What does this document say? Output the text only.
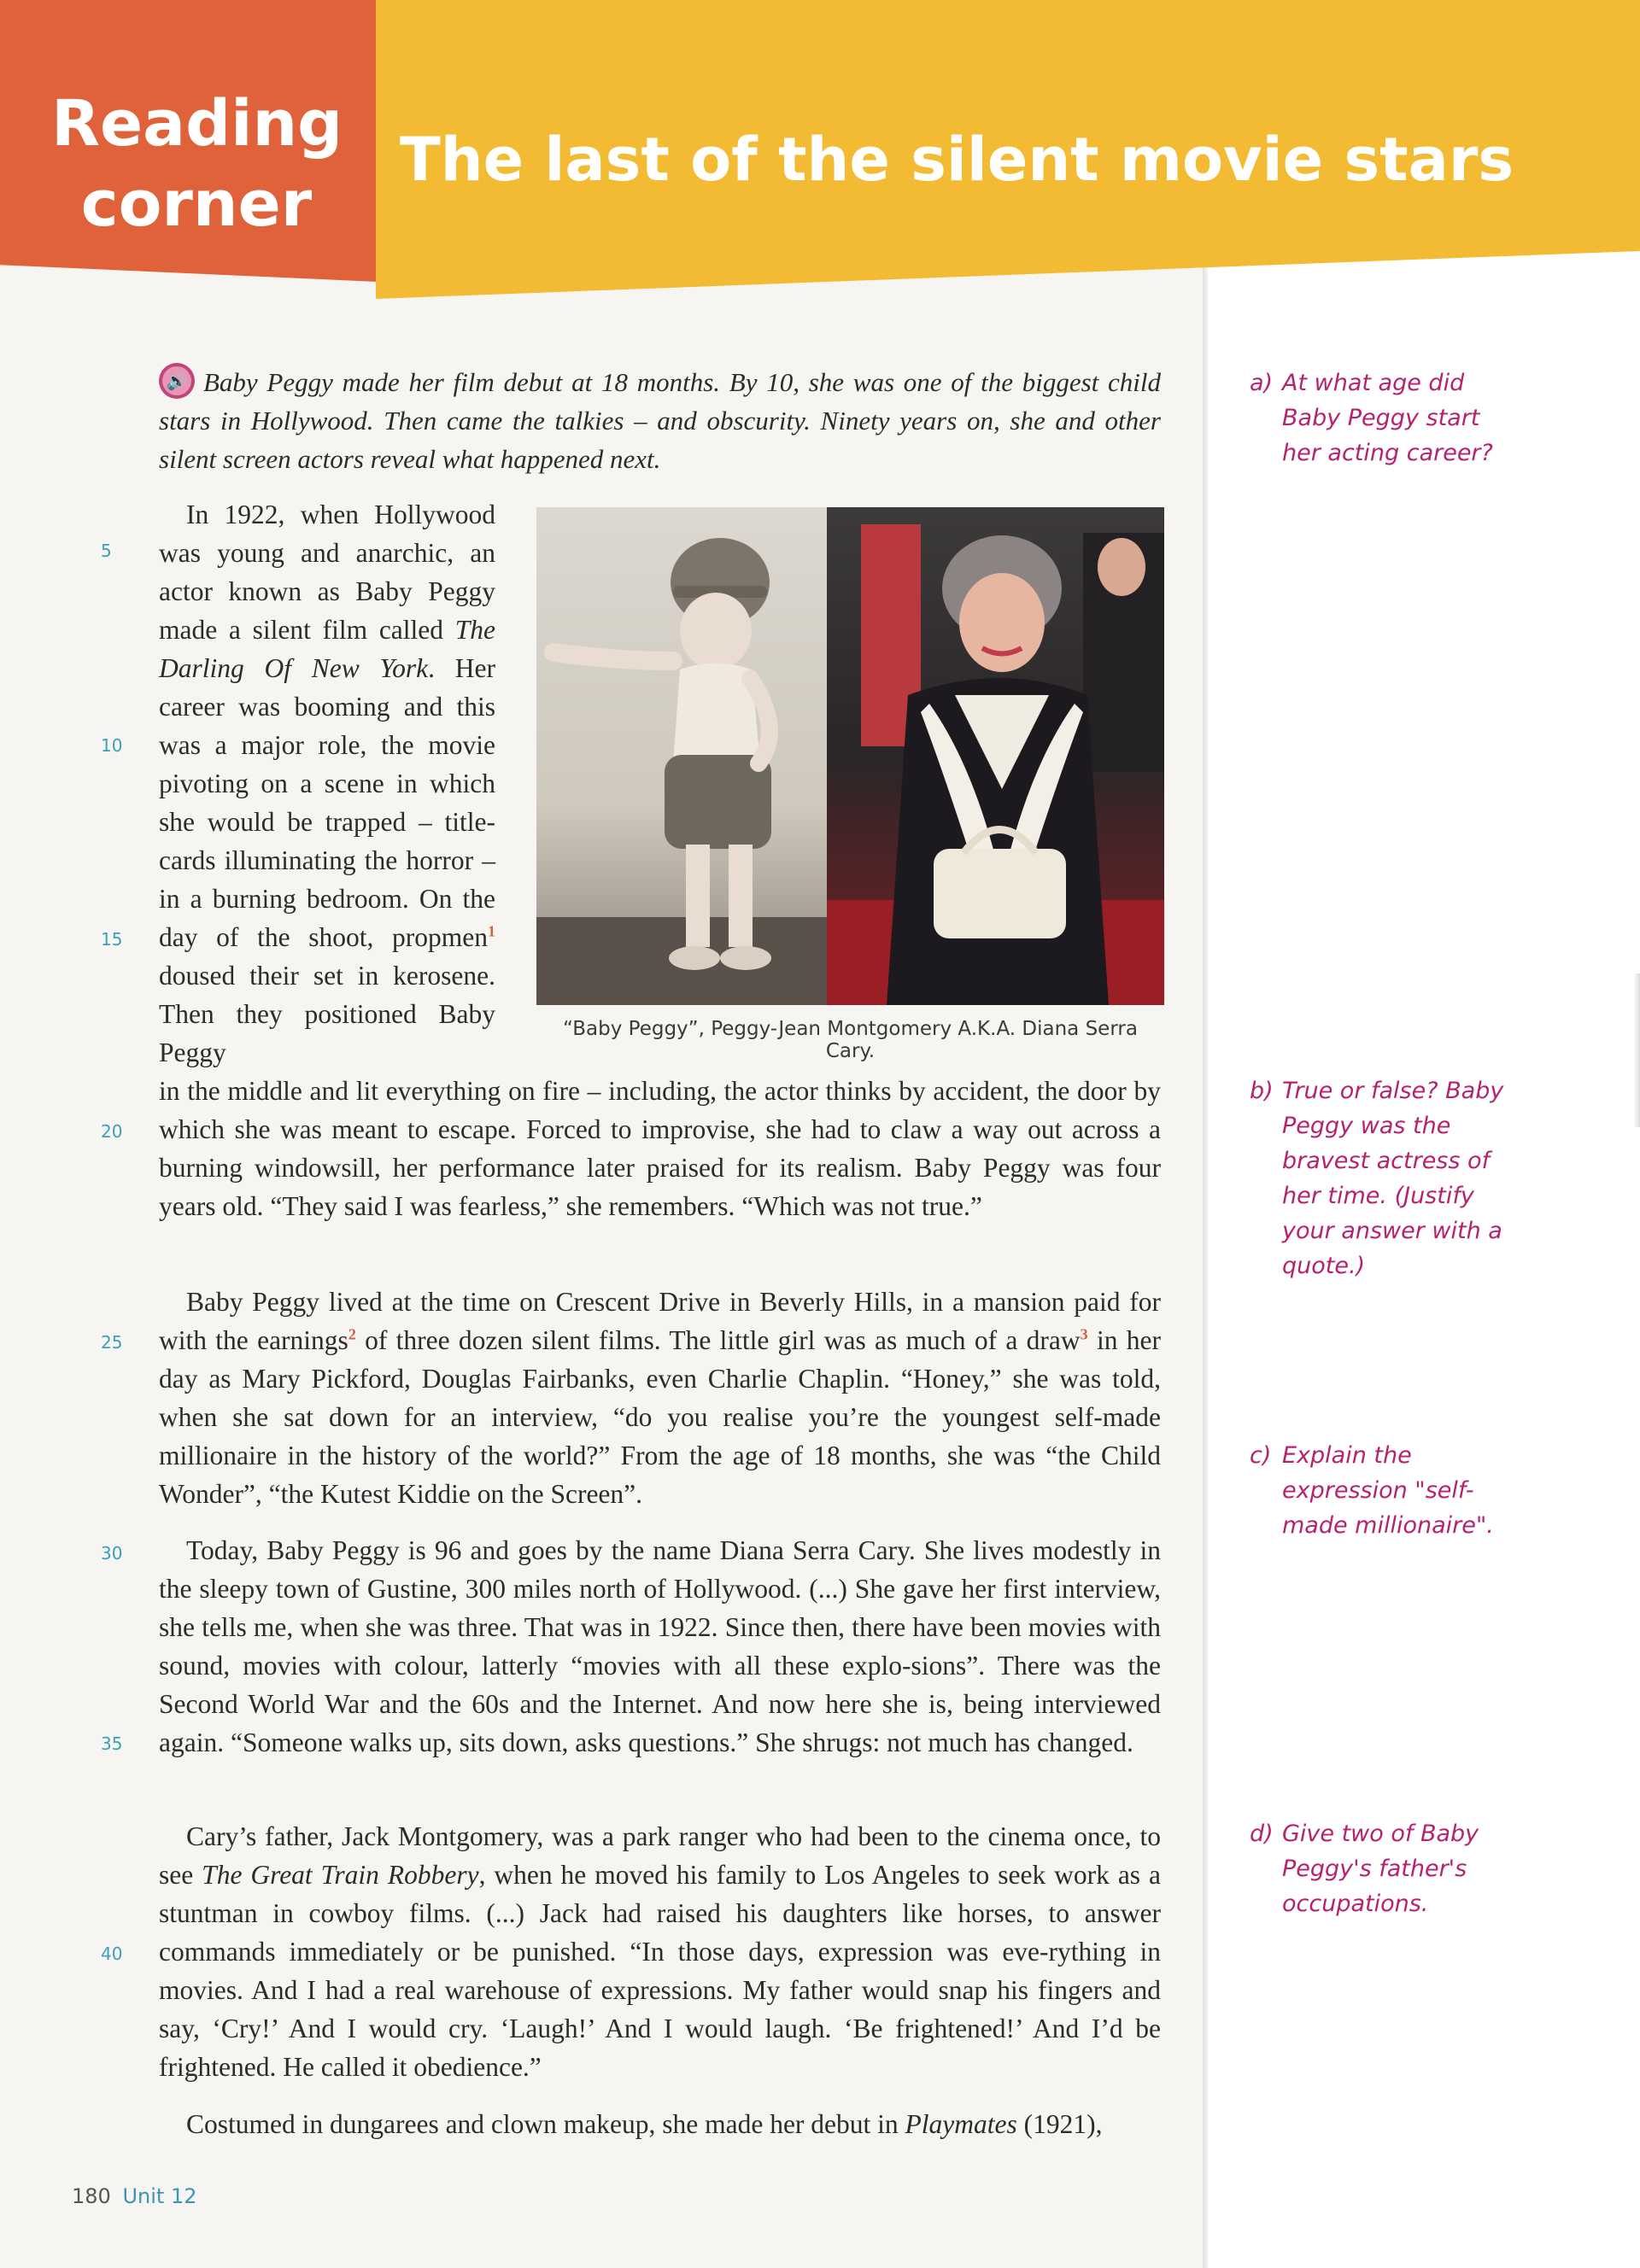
Reading
corner
The last of the silent movie stars
🔊 Baby Peggy made her film debut at 18 months. By 10, she was one of the biggest child stars in Hollywood. Then came the talkies – and obscurity. Ninety years on, she and other silent screen actors reveal what happened next.
In 1922, when Hollywood was young and anarchic, an actor known as Baby Peggy made a silent film called The Darling Of New York. Her career was booming and this was a major role, the movie pivoting on a scene in which she would be trapped – title-cards illuminating the horror – in a burning bedroom. On the day of the shoot, propmen$^1$ doused their set in kerosene. Then they positioned Baby Peggy
“Baby Peggy”, Peggy-Jean Montgomery A.K.A. Diana Serra Cary.
in the middle and lit everything on fire – including, the actor thinks by accident, the door by which she was meant to escape. Forced to improvise, she had to claw a way out across a burning windowsill, her performance later praised for its realism. Baby Peggy was four years old. “They said I was fearless,” she remembers. “Which was not true.”
Baby Peggy lived at the time on Crescent Drive in Beverly Hills, in a mansion paid for with the earnings$^2$ of three dozen silent films. The little girl was as much of a draw$^3$ in her day as Mary Pickford, Douglas Fairbanks, even Charlie Chaplin. “Honey,” she was told, when she sat down for an interview, “do you realise you’re the youngest self-made millionaire in the history of the world?” From the age of 18 months, she was “the Child Wonder”, “the Kutest Kiddie on the Screen”.
Today, Baby Peggy is 96 and goes by the name Diana Serra Cary. She lives modestly in the sleepy town of Gustine, 300 miles north of Hollywood. (...) She gave her first interview, she tells me, when she was three. That was in 1922. Since then, there have been movies with sound, movies with colour, latterly “movies with all these explo-sions”. There was the Second World War and the 60s and the Internet. And now here she is, being interviewed again. “Someone walks up, sits down, asks questions.” She shrugs: not much has changed.
Cary’s father, Jack Montgomery, was a park ranger who had been to the cinema once, to see The Great Train Robbery, when he moved his family to Los Angeles to seek work as a stuntman in cowboy films. (...) Jack had raised his daughters like horses, to answer commands immediately or be punished. “In those days, expression was eve-rything in movies. And I had a real warehouse of expressions. My father would snap his fingers and say, ‘Cry!’ And I would cry. ‘Laugh!’ And I would laugh. ‘Be frightened!’ And I’d be frightened. He called it obedience.”
Costumed in dungarees and clown makeup, she made her debut in Playmates (1921),
5
10
15
20
25
30
35
40
a) At what age did Baby Peggy start her acting career?
b) True or false? Baby Peggy was the bravest actress of her time. (Justify your answer with a quote.)
c) Explain the expression "self-made millionaire".
d) Give two of Baby Peggy's father's occupations.
180 Unit 12
